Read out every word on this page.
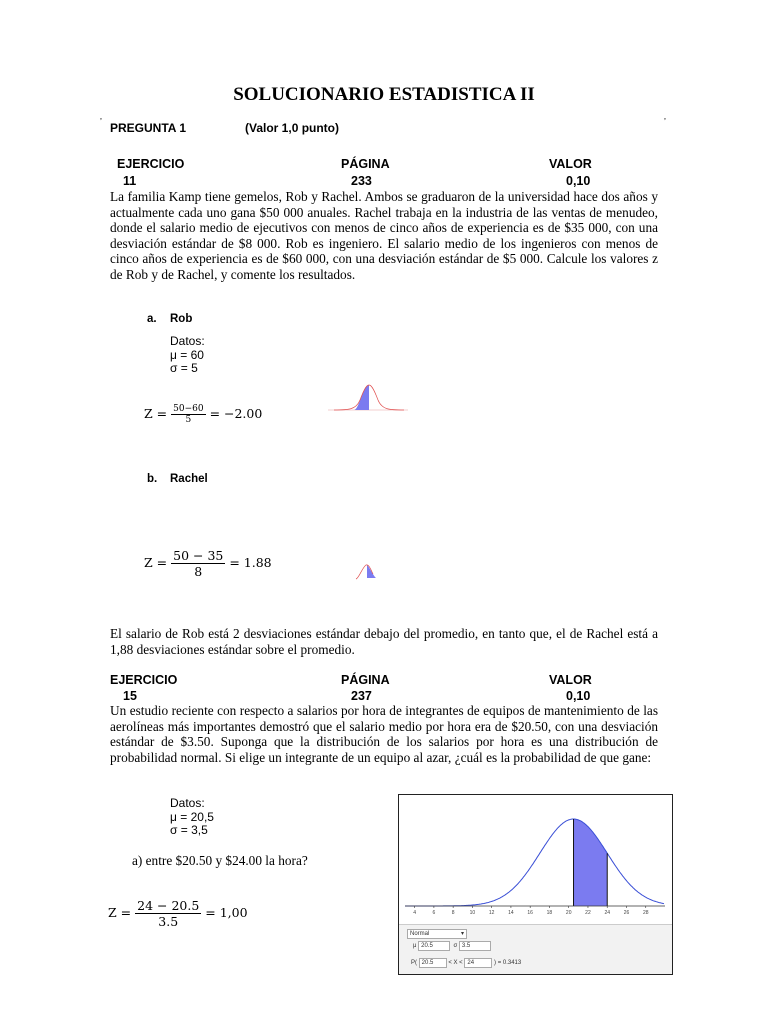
SOLUCIONARIO ESTADISTICA II
,	,
PREGUNTA 1	(Valor 1,0 punto)
EJERCICIO	PÁGINA	VALOR
11	233	0,10
La familia Kamp tiene gemelos, Rob y Rachel. Ambos se graduaron de la universidad hace dos años y actualmente cada uno gana $50 000 anuales. Rachel trabaja en la industria de las ventas de menudeo, donde el salario medio de ejecutivos con menos de cinco años de experiencia es de $35 000, con una desviación estándar de $8 000. Rob es ingeniero. El salario medio de los ingenieros con menos de cinco años de experiencia es de $60 000, con una desviación estándar de $5 000. Calcule los valores z de Rob y de Rachel, y comente los resultados.
a. Rob
Datos:
μ = 60
σ = 5
$Z = \frac{50-60}{5} = -2.00$
b. Rachel
$Z = \frac{50 - 35}{8} = 1.88$
El salario de Rob está 2 desviaciones estándar debajo del promedio, en tanto que, el de Rachel está a 1,88 desviaciones estándar sobre el promedio.
EJERCICIO	PÁGINA	VALOR
15	237	0,10
Un estudio reciente con respecto a salarios por hora de integrantes de equipos de mantenimiento de las aerolíneas más importantes demostró que el salario medio por hora era de $20.50, con una desviación estándar de $3.50. Suponga que la distribución de los salarios por hora es una distribución de probabilidad normal. Si elige un integrante de un equipo al azar, ¿cuál es la probabilidad de que gane:
Datos:
μ = 20,5
σ = 3,5
a) entre $20.50 y $24.00 la hora?
$Z = \frac{24 - 20.5}{3.5} = 1,00$	4	6	8	10	12	14	16	18	20	22	24	26	28
Normal	▾
μ 20.5	σ 3.5
P( 20.5 < X < 24	) = 0.3413
